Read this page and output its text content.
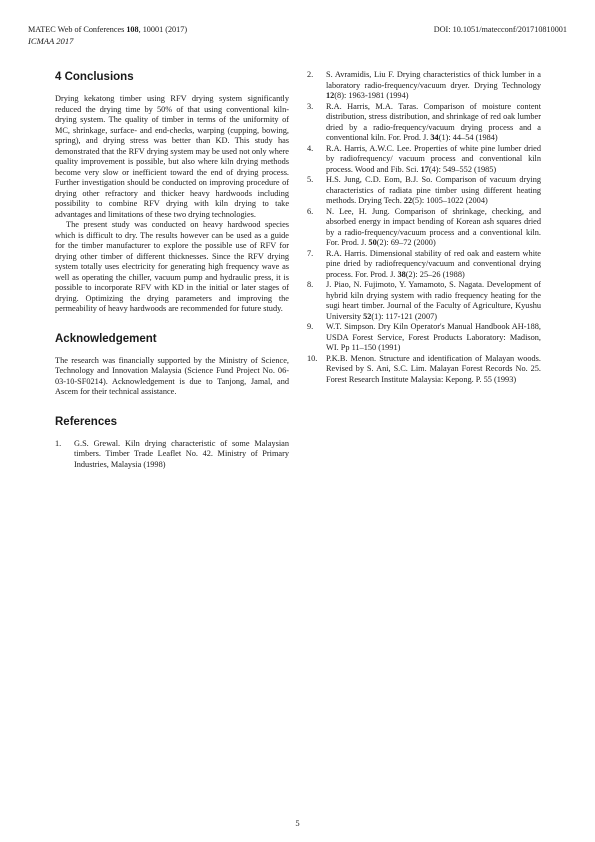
MATEC Web of Conferences 108, 10001 (2017)	DOI: 10.1051/matecconf/201710810001
ICMAA 2017
4 Conclusions

Drying kekatong timber using RFV drying system significantly reduced the drying time by 50% of that using conventional kiln-drying system. The quality of timber in terms of the uniformity of MC, shrinkage, surface- and end-checks, warping (cupping, bowing, spring), and drying stress was better than KD. This study has demonstrated that the RFV drying system may be used not only where quality improvement is possible, but also where kiln drying methods become very slow or inefficient toward the end of drying process. Further investigation should be conducted on improving procedure of drying other refractory and thicker heavy hardwoods including possibility to combine RFV drying with kiln drying to take advantages and limitations of these two drying technologies.

The present study was conducted on heavy hardwood species which is difficult to dry. The results however can be used as a guide for the timber manufacturer to explore the possible use of RFV for drying other timber of different thicknesses. Since the RFV drying system totally uses electricity for generating high frequency wave as well as operating the chiller, vacuum pump and hydraulic press, it is possible to incorporate RFV with KD in the initial or later stages of drying. Optimizing the drying parameters and improving the permeability of heavy hardwoods are recommended for future study.

Acknowledgement

The research was financially supported by the Ministry of Science, Technology and Innovation Malaysia (Science Fund Project No. 06-03-10-SF0214). Acknowledgement is due to Tanjong, Jamal, and Ascem for their technical assistance.

References
1. G.S. Grewal. Kiln drying characteristic of some Malaysian timbers. Timber Trade Leaflet No. 42. Ministry of Primary Industries, Malaysia (1998)
2. S. Avramidis, Liu F. Drying characteristics of thick lumber in a laboratory radio-frequency/vacuum dryer. Drying Technology 12(8): 1963-1981 (1994)
3. R.A. Harris, M.A. Taras. Comparison of moisture content distribution, stress distribution, and shrinkage of red oak lumber dried by a radio-frequency/vacuum drying process and a conventional kiln. For. Prod. J. 34(1): 44–54 (1984)
4. R.A. Harris, A.W.C. Lee. Properties of white pine lumber dried by radiofrequency/ vacuum process and conventional kiln process. Wood and Fib. Sci. 17(4): 549–552 (1985)
5. H.S. Jung, C.D. Eom, B.J. So. Comparison of vacuum drying characteristics of radiata pine timber using different heating methods. Drying Tech. 22(5): 1005–1022 (2004)
6. N. Lee, H. Jung. Comparison of shrinkage, checking, and absorbed energy in impact bending of Korean ash squares dried by a radio-frequency/vacuum process and a conventional kiln. For. Prod. J. 50(2): 69–72 (2000)
7. R.A. Harris. Dimensional stability of red oak and eastern white pine dried by radiofrequency/vacuum and conventional drying process. For. Prod. J. 38(2): 25–26 (1988)
8. J. Piao, N. Fujimoto, Y. Yamamoto, S. Nagata. Development of hybrid kiln drying system with radio frequency heating for the sugi heart timber. Journal of the Faculty of Agriculture, Kyushu University 52(1): 117-121 (2007)
9. W.T. Simpson. Dry Kiln Operator's Manual Handbook AH-188, USDA Forest Service, Forest Products Laboratory: Madison, WI. Pp 11–150 (1991)
10. P.K.B. Menon. Structure and identification of Malayan woods. Revised by S. Ani, S.C. Lim. Malayan Forest Records No. 25. Forest Research Institute Malaysia: Kepong. P. 55 (1993)
5
